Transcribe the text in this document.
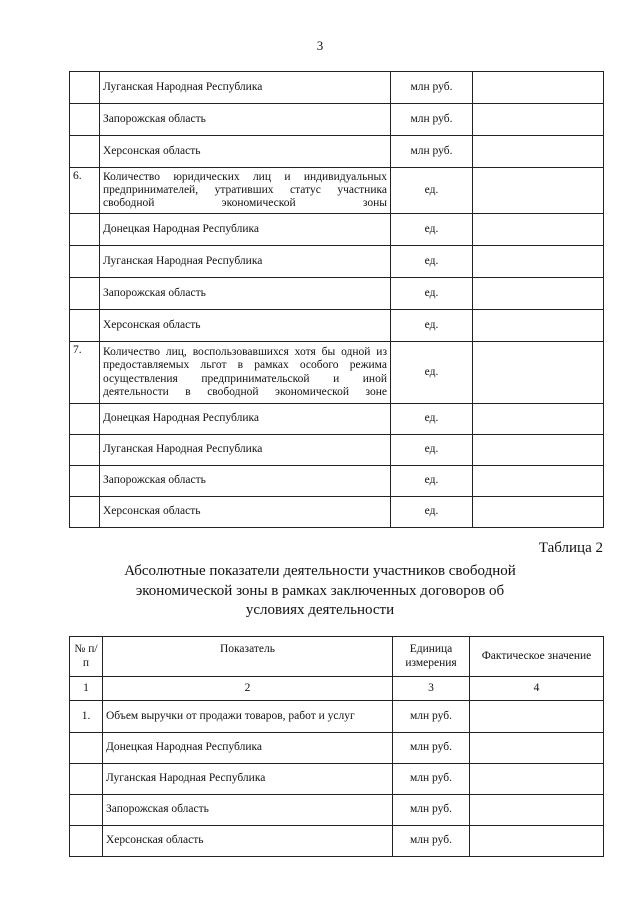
3
	Луганская Народная Республика	млн руб.	
	Запорожская область	млн руб.	
	Херсонская область	млн руб.	
6.	Количество юридических лиц и индивидуальных предпринимателей, утративших статус участника свободной экономической зоны	ед.	
	Донецкая Народная Республика	ед.	
	Луганская Народная Республика	ед.	
	Запорожская область	ед.	
	Херсонская область	ед.	
7.	Количество лиц, воспользовавшихся хотя бы одной из предоставляемых льгот в рамках особого режима осуществления предпринимательской и иной деятельности в свободной экономической зоне	ед.	
	Донецкая Народная Республика	ед.	
	Луганская Народная Республика	ед.	
	Запорожская область	ед.	
	Херсонская область	ед.	
Таблица 2
Абсолютные показатели деятельности участников свободной экономической зоны в рамках заключенных договоров об условиях деятельности
№ п/п	Показатель	Единица измерения	Фактическое значение
1	2	3	4
1.	Объем выручки от продажи товаров, работ и услуг	млн руб.	
	Донецкая Народная Республика	млн руб.	
	Луганская Народная Республика	млн руб.	
	Запорожская область	млн руб.	
	Херсонская область	млн руб.	
